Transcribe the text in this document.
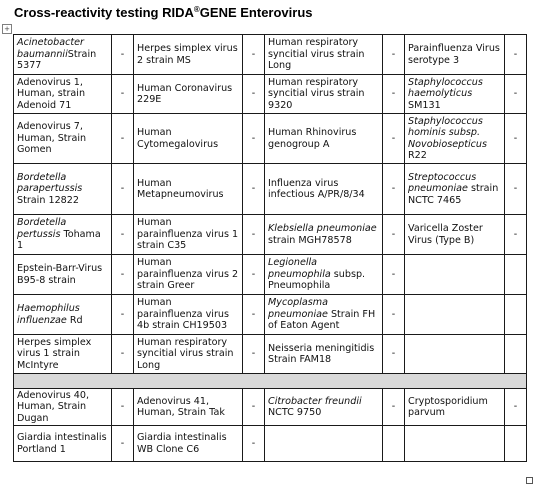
Cross-reactivity testing RIDA®GENE Enterovirus
+
Acinetobacter baumanniiStrain 5377	-	Herpes simplex virus 2 strain MS	-	Human respiratory syncitial virus strain Long	-	Parainfluenza Virus serotype 3	-
Adenovirus 1, Human, strain Adenoid 71	-	Human Coronavirus 229E	-	Human respiratory syncitial virus strain 9320	-	Staphylococcus haemolyticus SM131	-
Adenovirus 7, Human, Strain Gomen	-	Human Cytomegalovirus	-	Human Rhinovirus genogroup A	-	Staphylococcus hominis subsp. Novobiosepticus R22	-
Bordetella parapertussis Strain 12822	-	Human Metapneumovirus	-	Influenza virus infectious A/PR/8/34	-	Streptococcus pneumoniae strain NCTC 7465	-
Bordetella pertussis Tohama 1	-	Human parainfluenza virus 1 strain C35	-	Klebsiella pneumoniae strain MGH78578	-	Varicella Zoster Virus (Type B)	-
Epstein-Barr-Virus B95-8 strain	-	Human parainfluenza virus 2 strain Greer	-	Legionella pneumophila subsp. Pneumophila	-		
Haemophilus influenzae Rd	-	Human parainfluenza virus 4b strain CH19503	-	Mycoplasma pneumoniae Strain FH of Eaton Agent	-		
Herpes simplex virus 1 strain McIntyre	-	Human respiratory syncitial virus strain Long	-	Neisseria meningitidis Strain FAM18	-		

Adenovirus 40, Human, Strain Dugan	-	Adenovirus 41, Human, Strain Tak	-	Citrobacter freundii NCTC 9750	-	Cryptosporidium parvum	-
Giardia intestinalis Portland 1	-	Giardia intestinalis WB Clone C6	-				
